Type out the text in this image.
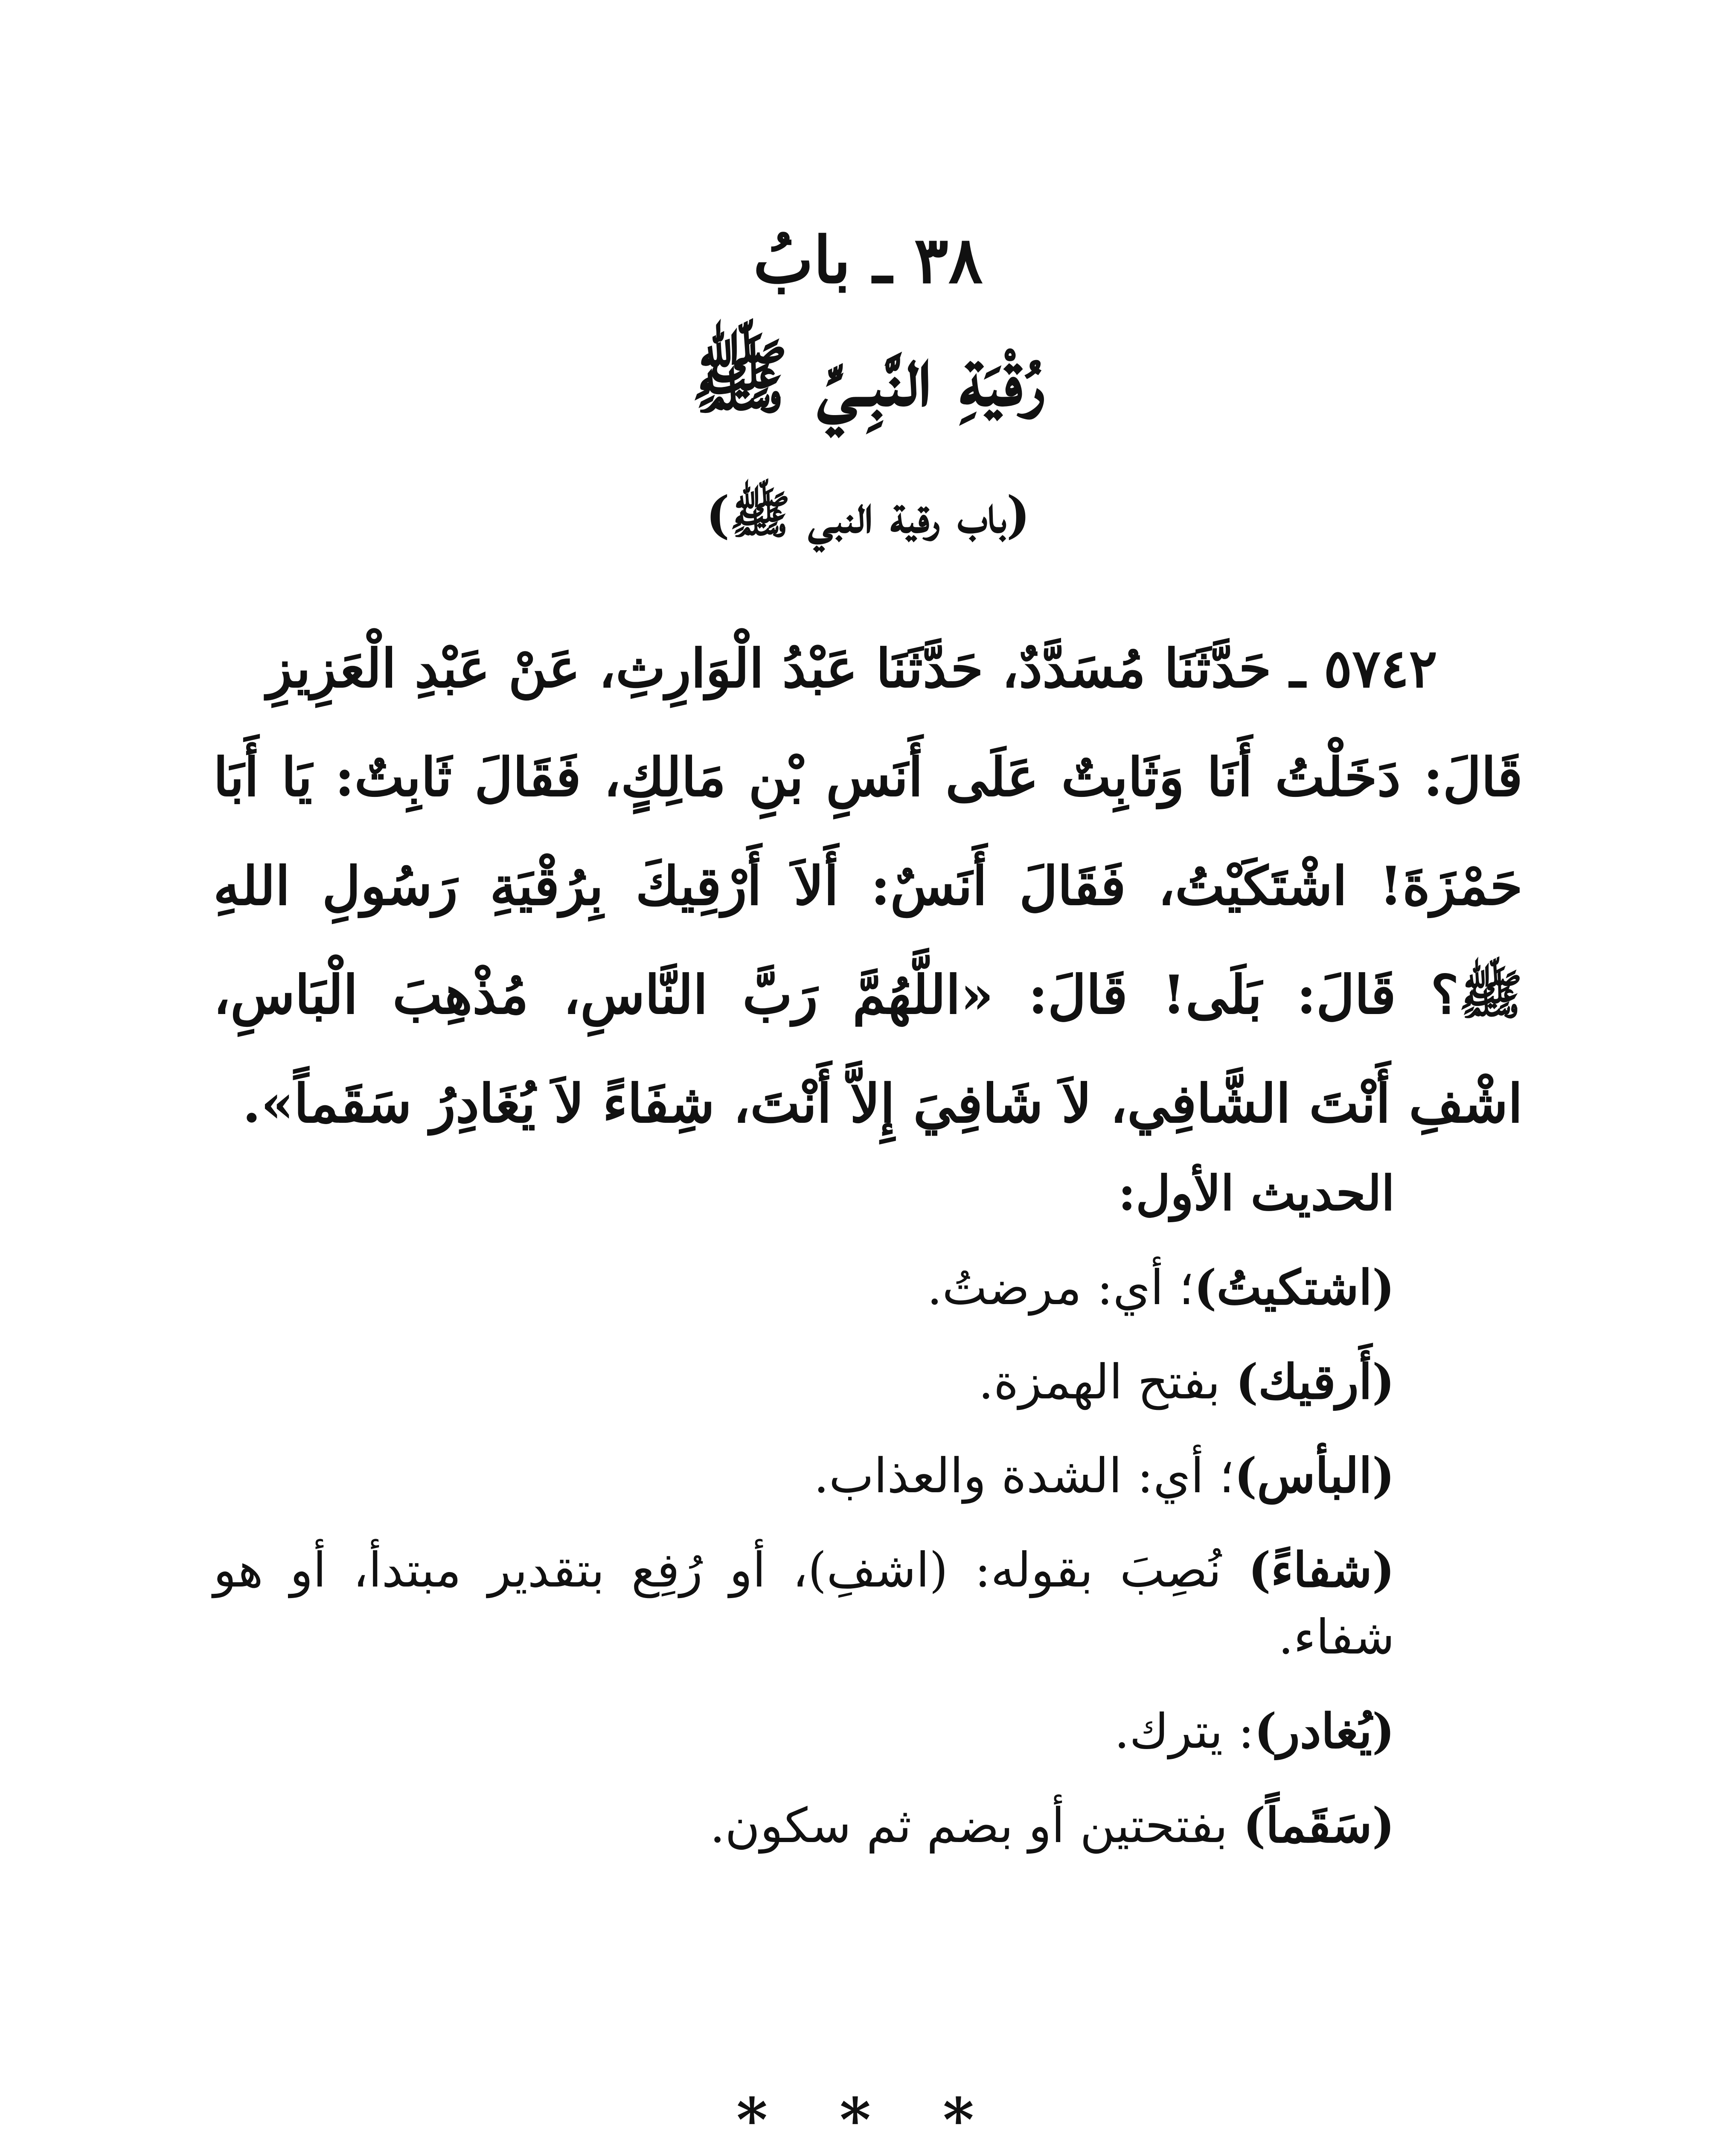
٣٨ ـ بابُ
رُقْيَةِ النَّبِـيِّ ﷺ
(باب رقية النبي ﷺ)
٥٧٤٢ ـ حَدَّثَنَا مُسَدَّدٌ، حَدَّثَنَا عَبْدُ الْوَارِثِ، عَنْ عَبْدِ الْعَزِيزِ
قَالَ: دَخَلْتُ أَنَا وَثَابِتٌ عَلَى أَنَسِ بْنِ مَالِكٍ، فَقَالَ ثَابِتٌ: يَا أَبَا حَمْزَةَ! اشْتَكَيْتُ، فَقَالَ أَنَسٌ: أَلاَ أَرْقِيكَ بِرُقْيَةِ رَسُولِ اللهِ ﷺ؟ قَالَ: بَلَى! قَالَ: «اللَّهُمَّ رَبَّ النَّاسِ، مُذْهِبَ الْبَاسِ، اشْفِ أَنْتَ الشَّافِي، لاَ شَافِيَ إِلاَّ أَنْتَ، شِفَاءً لاَ يُغَادِرُ سَقَماً».

الحديث الأول:

(اشتكيتُ)؛ أي: مرضتُ.

(أَرقيك) بفتح الهمزة.

(البأس)؛ أي: الشدة والعذاب.

(شفاءً) نُصِبَ بقوله: (اشفِ)، أو رُفِع بتقدير مبتدأ، أو هو شفاء.

(يُغادر): يترك.

(سَقَماً) بفتحتين أو بضم ثم سكون.

* * *
